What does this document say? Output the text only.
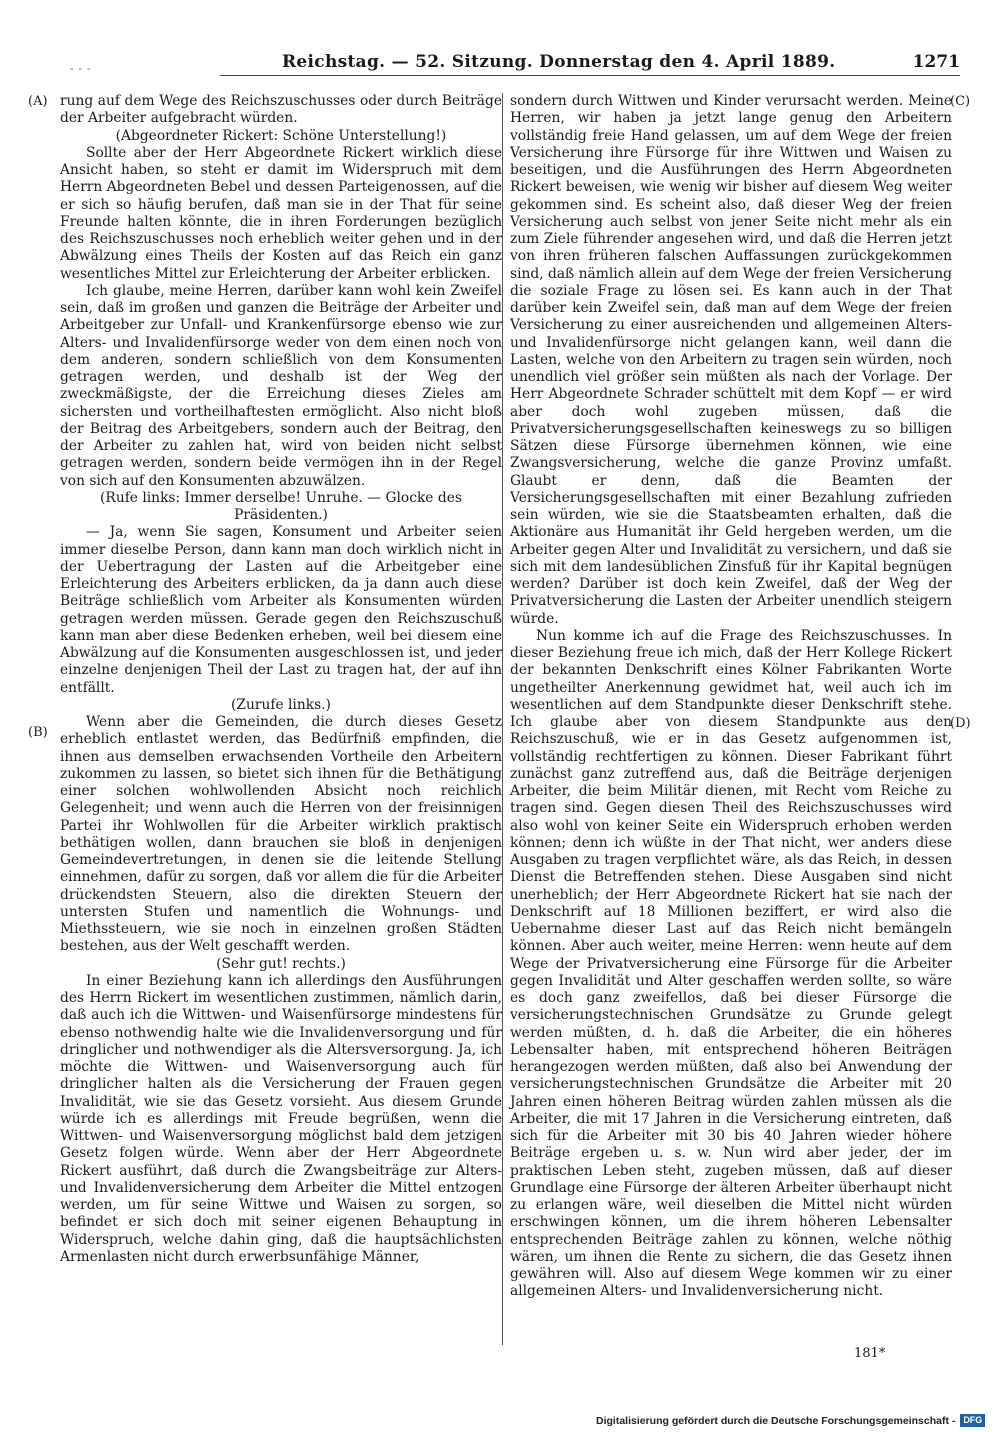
- - -	Reichstag. — 52. Sitzung. Donnerstag den 4. April 1889.	1271
(A)
(B)
(C)
(D)

rung auf dem Wege des Reichszuschusses oder durch Beiträge der Arbeiter aufgebracht würden.

(Abgeordneter Rickert: Schöne Unterstellung!)

Sollte aber der Herr Abgeordnete Rickert wirklich diese Ansicht haben, so steht er damit im Widerspruch mit dem Herrn Abgeordneten Bebel und dessen Parteigenossen, auf die er sich so häufig berufen, daß man sie in der That für seine Freunde halten könnte, die in ihren Forderungen bezüglich des Reichszuschusses noch erheblich weiter gehen und in der Abwälzung eines Theils der Kosten auf das Reich ein ganz wesentliches Mittel zur Erleichterung der Arbeiter erblicken.

Ich glaube, meine Herren, darüber kann wohl kein Zweifel sein, daß im großen und ganzen die Beiträge der Arbeiter und Arbeitgeber zur Unfall- und Krankenfürsorge ebenso wie zur Alters- und Invalidenfürsorge weder von dem einen noch von dem anderen, sondern schließlich von dem Konsumenten getragen werden, und deshalb ist der Weg der zweckmäßigste, der die Erreichung dieses Zieles am sichersten und vortheilhaftesten ermöglicht. Also nicht bloß der Beitrag des Arbeitgebers, sondern auch der Beitrag, den der Arbeiter zu zahlen hat, wird von beiden nicht selbst getragen werden, sondern beide vermögen ihn in der Regel von sich auf den Konsumenten abzuwälzen.

(Rufe links: Immer derselbe! Unruhe. — Glocke des Präsidenten.)

— Ja, wenn Sie sagen, Konsument und Arbeiter seien immer dieselbe Person, dann kann man doch wirklich nicht in der Uebertragung der Lasten auf die Arbeitgeber eine Erleichterung des Arbeiters erblicken, da ja dann auch diese Beiträge schließlich vom Arbeiter als Konsumenten würden getragen werden müssen. Gerade gegen den Reichszuschuß kann man aber diese Bedenken erheben, weil bei diesem eine Abwälzung auf die Konsumenten ausgeschlossen ist, und jeder einzelne denjenigen Theil der Last zu tragen hat, der auf ihn entfällt.

(Zurufe links.)

Wenn aber die Gemeinden, die durch dieses Gesetz erheblich entlastet werden, das Bedürfniß empfinden, die ihnen aus demselben erwachsenden Vortheile den Arbeitern zukommen zu lassen, so bietet sich ihnen für die Bethätigung einer solchen wohlwollenden Absicht noch reichlich Gelegenheit; und wenn auch die Herren von der freisinnigen Partei ihr Wohlwollen für die Arbeiter wirklich praktisch bethätigen wollen, dann brauchen sie bloß in denjenigen Gemeindevertretungen, in denen sie die leitende Stellung einnehmen, dafür zu sorgen, daß vor allem die für die Arbeiter drückendsten Steuern, also die direkten Steuern der untersten Stufen und namentlich die Wohnungs- und Miethssteuern, wie sie noch in einzelnen großen Städten bestehen, aus der Welt geschafft werden.

(Sehr gut! rechts.)

In einer Beziehung kann ich allerdings den Ausführungen des Herrn Rickert im wesentlichen zustimmen, nämlich darin, daß auch ich die Wittwen- und Waisenfürsorge mindestens für ebenso nothwendig halte wie die Invalidenversorgung und für dringlicher und nothwendiger als die Altersversorgung. Ja, ich möchte die Wittwen- und Waisenversorgung auch für dringlicher halten als die Versicherung der Frauen gegen Invalidität, wie sie das Gesetz vorsieht. Aus diesem Grunde würde ich es allerdings mit Freude begrüßen, wenn die Wittwen- und Waisenversorgung möglichst bald dem jetzigen Gesetz folgen würde. Wenn aber der Herr Abgeordnete Rickert ausführt, daß durch die Zwangsbeiträge zur Alters- und Invalidenversicherung dem Arbeiter die Mittel entzogen werden, um für seine Wittwe und Waisen zu sorgen, so befindet er sich doch mit seiner eigenen Behauptung in Widerspruch, welche dahin ging, daß die hauptsächlichsten Armenlasten nicht durch erwerbsunfähige Männer,

sondern durch Wittwen und Kinder verursacht werden. Meine Herren, wir haben ja jetzt lange genug den Arbeitern vollständig freie Hand gelassen, um auf dem Wege der freien Versicherung ihre Fürsorge für ihre Wittwen und Waisen zu beseitigen, und die Ausführungen des Herrn Abgeordneten Rickert beweisen, wie wenig wir bisher auf diesem Weg weiter gekommen sind. Es scheint also, daß dieser Weg der freien Versicherung auch selbst von jener Seite nicht mehr als ein zum Ziele führender angesehen wird, und daß die Herren jetzt von ihren früheren falschen Auffassungen zurückgekommen sind, daß nämlich allein auf dem Wege der freien Versicherung die soziale Frage zu lösen sei. Es kann auch in der That darüber kein Zweifel sein, daß man auf dem Wege der freien Versicherung zu einer ausreichenden und allgemeinen Alters- und Invalidenfürsorge nicht gelangen kann, weil dann die Lasten, welche von den Arbeitern zu tragen sein würden, noch unendlich viel größer sein müßten als nach der Vorlage. Der Herr Abgeordnete Schrader schüttelt mit dem Kopf — er wird aber doch wohl zugeben müssen, daß die Privatversicherungsgesellschaften keineswegs zu so billigen Sätzen diese Fürsorge übernehmen können, wie eine Zwangsversicherung, welche die ganze Provinz umfaßt. Glaubt er denn, daß die Beamten der Versicherungsgesellschaften mit einer Bezahlung zufrieden sein würden, wie sie die Staatsbeamten erhalten, daß die Aktionäre aus Humanität ihr Geld hergeben werden, um die Arbeiter gegen Alter und Invalidität zu versichern, und daß sie sich mit dem landesüblichen Zinsfuß für ihr Kapital begnügen werden? Darüber ist doch kein Zweifel, daß der Weg der Privatversicherung die Lasten der Arbeiter unendlich steigern würde.

Nun komme ich auf die Frage des Reichszuschusses. In dieser Beziehung freue ich mich, daß der Herr Kollege Rickert der bekannten Denkschrift eines Kölner Fabrikanten Worte ungetheilter Anerkennung gewidmet hat, weil auch ich im wesentlichen auf dem Standpunkte dieser Denkschrift stehe. Ich glaube aber von diesem Standpunkte aus den Reichszuschuß, wie er in das Gesetz aufgenommen ist, vollständig rechtfertigen zu können. Dieser Fabrikant führt zunächst ganz zutreffend aus, daß die Beiträge derjenigen Arbeiter, die beim Militär dienen, mit Recht vom Reiche zu tragen sind. Gegen diesen Theil des Reichszuschusses wird also wohl von keiner Seite ein Widerspruch erhoben werden können; denn ich wüßte in der That nicht, wer anders diese Ausgaben zu tragen verpflichtet wäre, als das Reich, in dessen Dienst die Betreffenden stehen. Diese Ausgaben sind nicht unerheblich; der Herr Abgeordnete Rickert hat sie nach der Denkschrift auf 18 Millionen beziffert, er wird also die Uebernahme dieser Last auf das Reich nicht bemängeln können. Aber auch weiter, meine Herren: wenn heute auf dem Wege der Privatversicherung eine Fürsorge für die Arbeiter gegen Invalidität und Alter geschaffen werden sollte, so wäre es doch ganz zweifellos, daß bei dieser Fürsorge die versicherungstechnischen Grundsätze zu Grunde gelegt werden müßten, d. h. daß die Arbeiter, die ein höheres Lebensalter haben, mit entsprechend höheren Beiträgen herangezogen werden müßten, daß also bei Anwendung der versicherungstechnischen Grundsätze die Arbeiter mit 20 Jahren einen höheren Beitrag würden zahlen müssen als die Arbeiter, die mit 17 Jahren in die Versicherung eintreten, daß sich für die Arbeiter mit 30 bis 40 Jahren wieder höhere Beiträge ergeben u. s. w. Nun wird aber jeder, der im praktischen Leben steht, zugeben müssen, daß auf dieser Grundlage eine Fürsorge der älteren Arbeiter überhaupt nicht zu erlangen wäre, weil dieselben die Mittel nicht würden erschwingen können, um die ihrem höheren Lebensalter entsprechenden Beiträge zahlen zu können, welche nöthig wären, um ihnen die Rente zu sichern, die das Gesetz ihnen gewähren will. Also auf diesem Wege kommen wir zu einer allgemeinen Alters- und Invalidenversicherung nicht.

181*
Digitalisierung gefördert durch die Deutsche Forschungsgemeinschaft - DFG
